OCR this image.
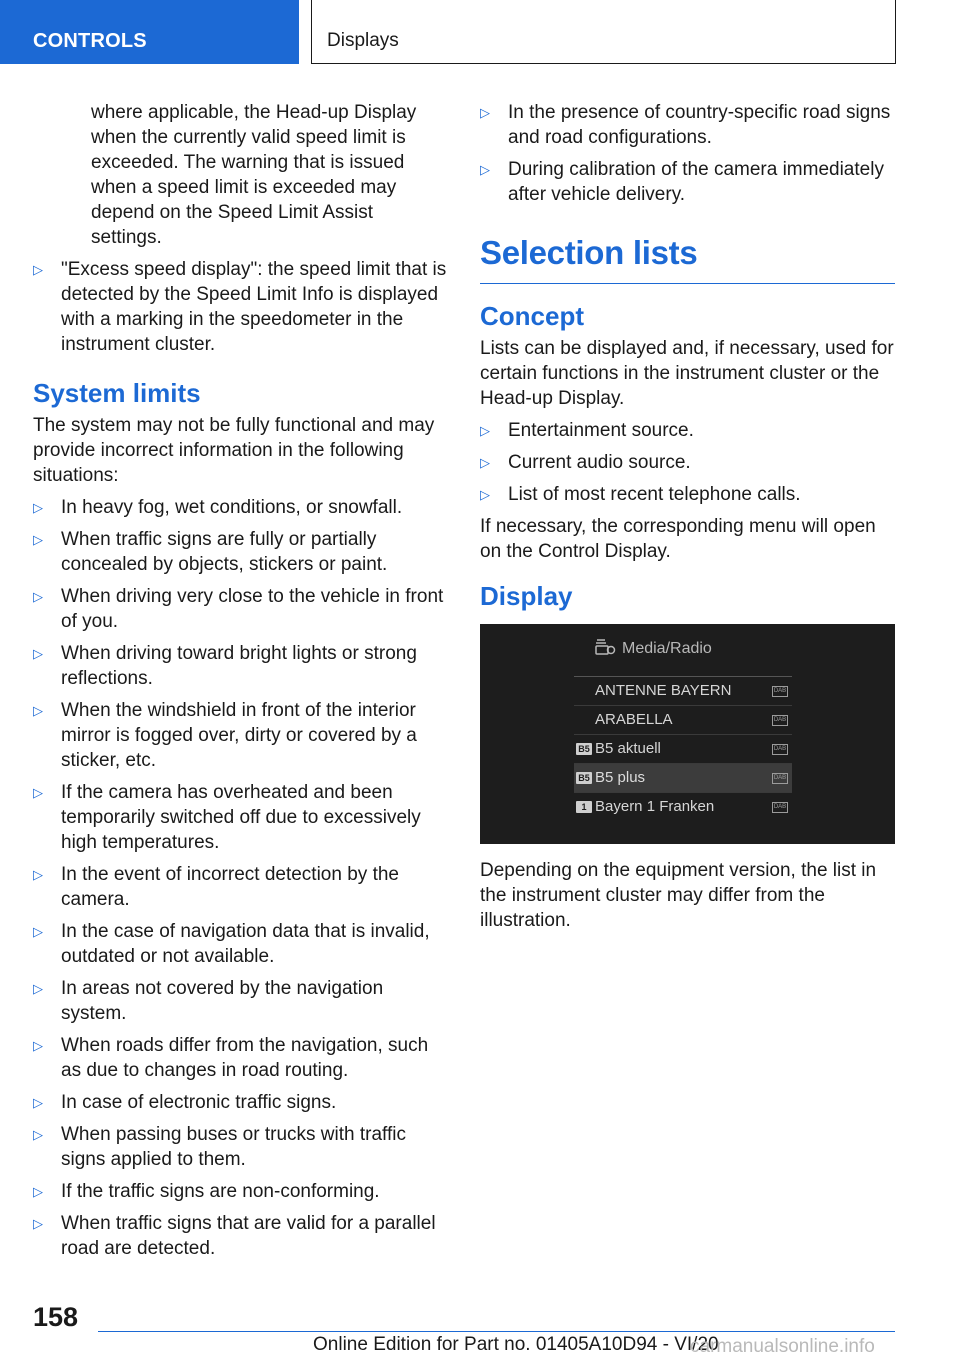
CONTROLS	Displays

where applicable, the Head-up Display when the currently valid speed limit is exceeded. The warning that is issued when a speed limit is exceeded may depend on the Speed Limit Assist settings.

▷ "Excess speed display": the speed limit that is detected by the Speed Limit Info is displayed with a marking in the speedometer in the instrument cluster.
System limits

The system may not be fully functional and may provide incorrect information in the following situations:

▷ In heavy fog, wet conditions, or snowfall.
▷ When traffic signs are fully or partially concealed by objects, stickers or paint.
▷ When driving very close to the vehicle in front of you.
▷ When driving toward bright lights or strong reflections.
▷ When the windshield in front of the interior mirror is fogged over, dirty or covered by a sticker, etc.
▷ If the camera has overheated and been temporarily switched off due to excessively high temperatures.
▷ In the event of incorrect detection by the camera.
▷ In the case of navigation data that is invalid, outdated or not available.
▷ In areas not covered by the navigation system.
▷ When roads differ from the navigation, such as due to changes in road routing.
▷ In case of electronic traffic signs.
▷ When passing buses or trucks with traffic signs applied to them.
▷ If the traffic signs are non-conforming.
▷ When traffic signs that are valid for a parallel road are detected.
▷ In the presence of country-specific road signs and road configurations.
▷ During calibration of the camera immediately after vehicle delivery.
Selection lists
Concept

Lists can be displayed and, if necessary, used for certain functions in the instrument cluster or the Head-up Display.

▷ Entertainment source.
▷ Current audio source.
▷ List of most recent telephone calls.

If necessary, the corresponding menu will open on the Control Display.

Display
Media/Radio
ANTENNE BAYERN	DAB
ARABELLA	DAB
B5 B5 aktuell	DAB
B5 B5 plus	DAB
1 Bayern 1 Franken	DAB

Depending on the equipment version, the list in the instrument cluster may differ from the illustration.

158
Online Edition for Part no. 01405A10D94 - VI/20
carmanualsonline.info
